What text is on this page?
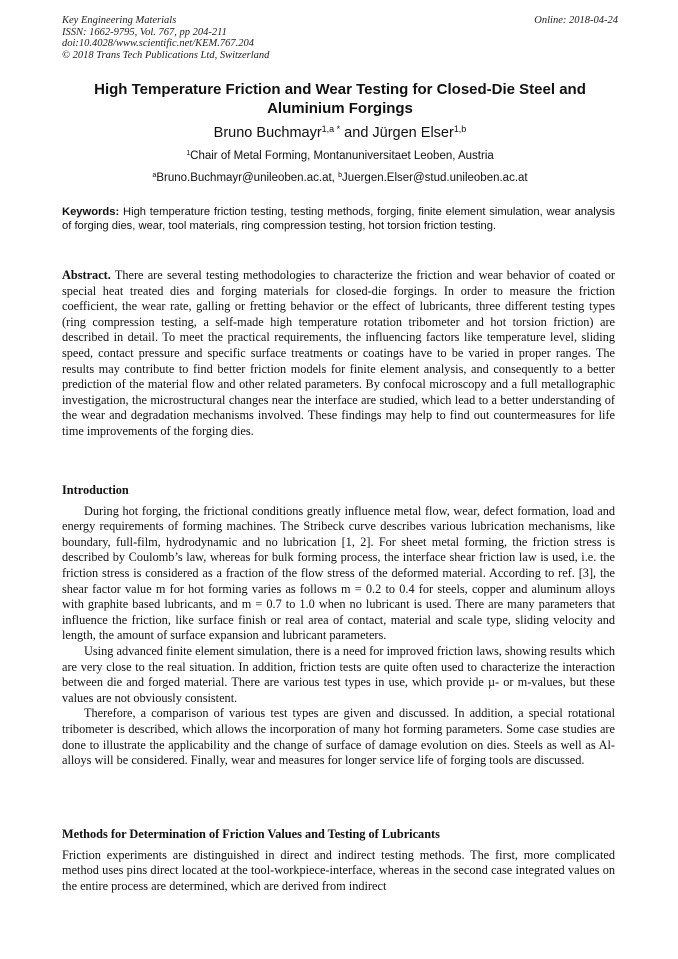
Key Engineering Materials
ISSN: 1662-9795, Vol. 767, pp 204-211
doi:10.4028/www.scientific.net/KEM.767.204
© 2018 Trans Tech Publications Ltd, Switzerland
Online: 2018-04-24
High Temperature Friction and Wear Testing for Closed-Die Steel and Aluminium Forgings
Bruno Buchmayr$^{1,a *}$ and Jürgen Elser$^{1,b}$
$^1$Chair of Metal Forming, Montanuniversitaet Leoben, Austria
$^a$Bruno.Buchmayr@unileoben.ac.at, $^b$Juergen.Elser@stud.unileoben.ac.at
Keywords: High temperature friction testing, testing methods, forging, finite element simulation, wear analysis of forging dies, wear, tool materials, ring compression testing, hot torsion friction testing.

Abstract. There are several testing methodologies to characterize the friction and wear behavior of coated or special heat treated dies and forging materials for closed-die forgings. In order to measure the friction coefficient, the wear rate, galling or fretting behavior or the effect of lubricants, three different testing types (ring compression testing, a self-made high temperature rotation tribometer and hot torsion friction) are described in detail. To meet the practical requirements, the influencing factors like temperature level, sliding speed, contact pressure and specific surface treatments or coatings have to be varied in proper ranges. The results may contribute to find better friction models for finite element analysis, and consequently to a better prediction of the material flow and other related parameters. By confocal microscopy and a full metallographic investigation, the microstructural changes near the interface are studied, which lead to a better understanding of the wear and degradation mechanisms involved. These findings may help to find out countermeasures for life time improvements of the forging dies.

Introduction

During hot forging, the frictional conditions greatly influence metal flow, wear, defect formation, load and energy requirements of forming machines. The Stribeck curve describes various lubrication mechanisms, like boundary, full-film, hydrodynamic and no lubrication [1, 2]. For sheet metal forming, the friction stress is described by Coulomb’s law, whereas for bulk forming process, the interface shear friction law is used, i.e. the friction stress is considered as a fraction of the flow stress of the deformed material. According to ref. [3], the shear factor value m for hot forming varies as follows m = 0.2 to 0.4 for steels, copper and aluminum alloys with graphite based lubricants, and m = 0.7 to 1.0 when no lubricant is used. There are many parameters that influence the friction, like surface finish or real area of contact, material and scale type, sliding velocity and length, the amount of surface expansion and lubricant parameters.

Using advanced finite element simulation, there is a need for improved friction laws, showing results which are very close to the real situation. In addition, friction tests are quite often used to characterize the interaction between die and forged material. There are various test types in use, which provide µ- or m-values, but these values are not obviously consistent.

Therefore, a comparison of various test types are given and discussed. In addition, a special rotational tribometer is described, which allows the incorporation of many hot forming parameters. Some case studies are done to illustrate the applicability and the change of surface of damage evolution on dies. Steels as well as Al-alloys will be considered. Finally, wear and measures for longer service life of forging tools are discussed.

Methods for Determination of Friction Values and Testing of Lubricants

Friction experiments are distinguished in direct and indirect testing methods. The first, more complicated method uses pins direct located at the tool-workpiece-interface, whereas in the second case integrated values on the entire process are determined, which are derived from indirect
